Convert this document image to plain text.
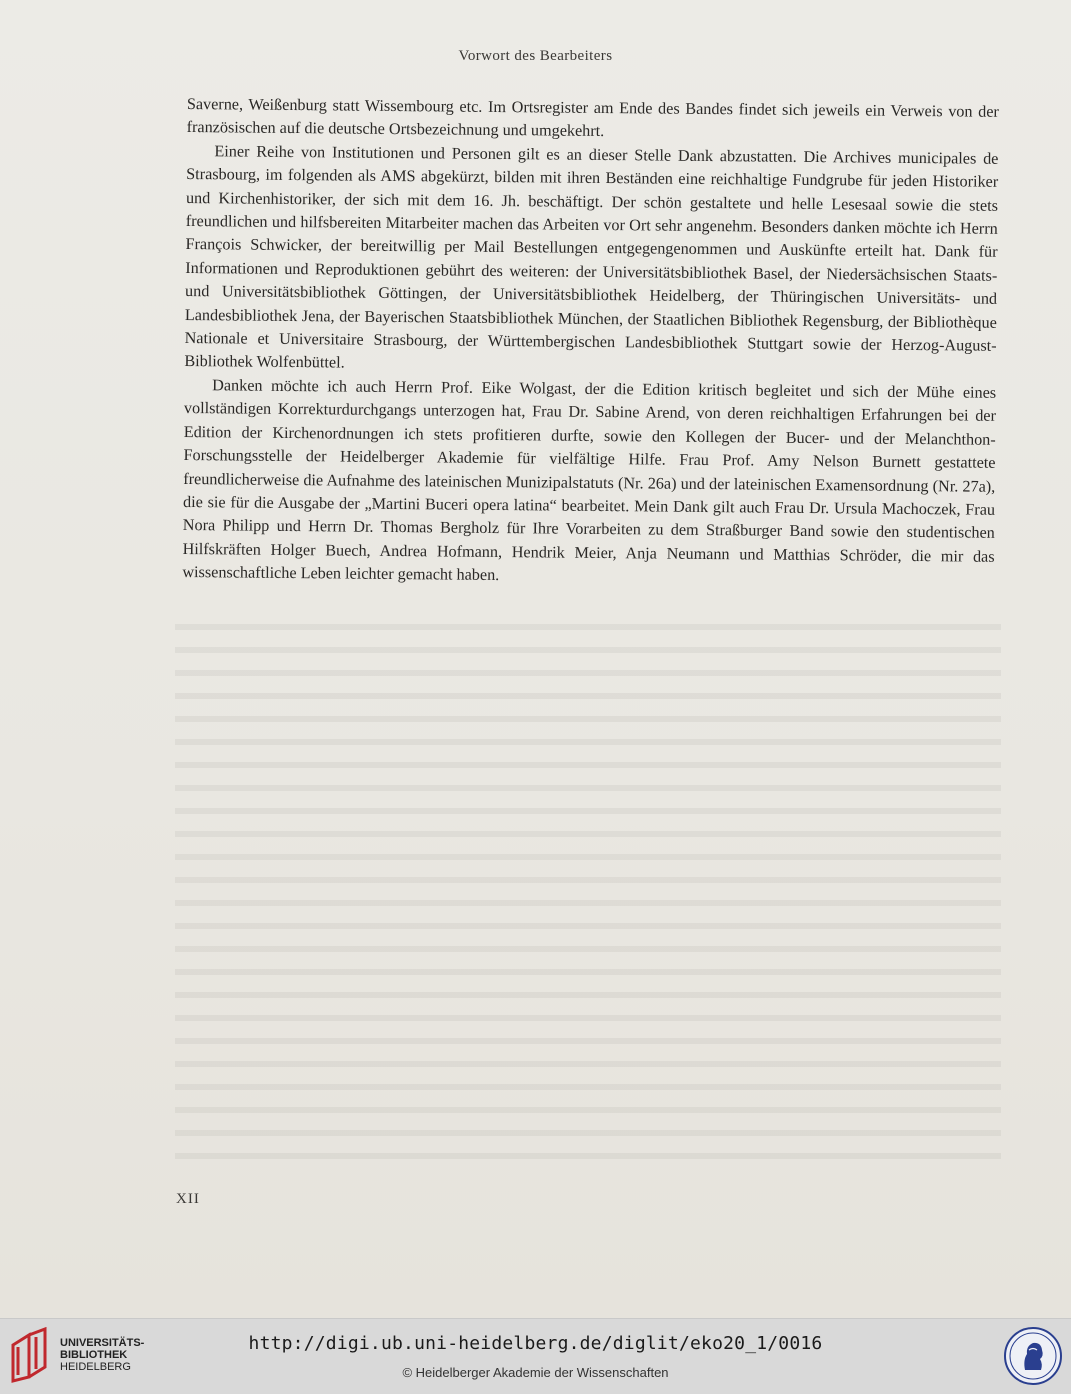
Vorwort des Bearbeiters

Saverne, Weißenburg statt Wissembourg etc. Im Ortsregister am Ende des Bandes findet sich jeweils ein Verweis von der französischen auf die deutsche Ortsbezeichnung und umgekehrt.

Einer Reihe von Institutionen und Personen gilt es an dieser Stelle Dank abzustatten. Die Archives municipales de Strasbourg, im folgenden als AMS abgekürzt, bilden mit ihren Beständen eine reichhaltige Fundgrube für jeden Historiker und Kirchenhistoriker, der sich mit dem 16. Jh. beschäftigt. Der schön gestaltete und helle Lesesaal sowie die stets freundlichen und hilfsbereiten Mitarbeiter machen das Arbeiten vor Ort sehr angenehm. Besonders danken möchte ich Herrn François Schwicker, der bereitwillig per Mail Bestellungen entgegengenommen und Auskünfte erteilt hat. Dank für Informationen und Reproduktionen gebührt des weiteren: der Universitätsbibliothek Basel, der Niedersächsischen Staats- und Universitätsbibliothek Göttingen, der Universitätsbibliothek Heidelberg, der Thüringischen Universitäts- und Landesbibliothek Jena, der Bayerischen Staatsbibliothek München, der Staatlichen Bibliothek Regensburg, der Bibliothèque Nationale et Universitaire Strasbourg, der Württembergischen Landesbibliothek Stuttgart sowie der Herzog-August-Bibliothek Wolfenbüttel.

Danken möchte ich auch Herrn Prof. Eike Wolgast, der die Edition kritisch begleitet und sich der Mühe eines vollständigen Korrekturdurchgangs unterzogen hat, Frau Dr. Sabine Arend, von deren reichhaltigen Erfahrungen bei der Edition der Kirchenordnungen ich stets profitieren durfte, sowie den Kollegen der Bucer- und der Melanchthon-Forschungsstelle der Heidelberger Akademie für vielfältige Hilfe. Frau Prof. Amy Nelson Burnett gestattete freundlicherweise die Aufnahme des lateinischen Munizipalstatuts (Nr. 26a) und der lateinischen Examensordnung (Nr. 27a), die sie für die Ausgabe der „Martini Buceri opera latina“ bearbeitet. Mein Dank gilt auch Frau Dr. Ursula Machoczek, Frau Nora Philipp und Herrn Dr. Thomas Bergholz für Ihre Vorarbeiten zu dem Straßburger Band sowie den studentischen Hilfskräften Holger Buech, Andrea Hofmann, Hendrik Meier, Anja Neumann und Matthias Schröder, die mir das wissenschaftliche Leben leichter gemacht haben.

XII
UNIVERSITÄTS-
BIBLIOTHEK
HEIDELBERG
http://digi.ub.uni-heidelberg.de/diglit/eko20_1/0016
© Heidelberger Akademie der Wissenschaften
